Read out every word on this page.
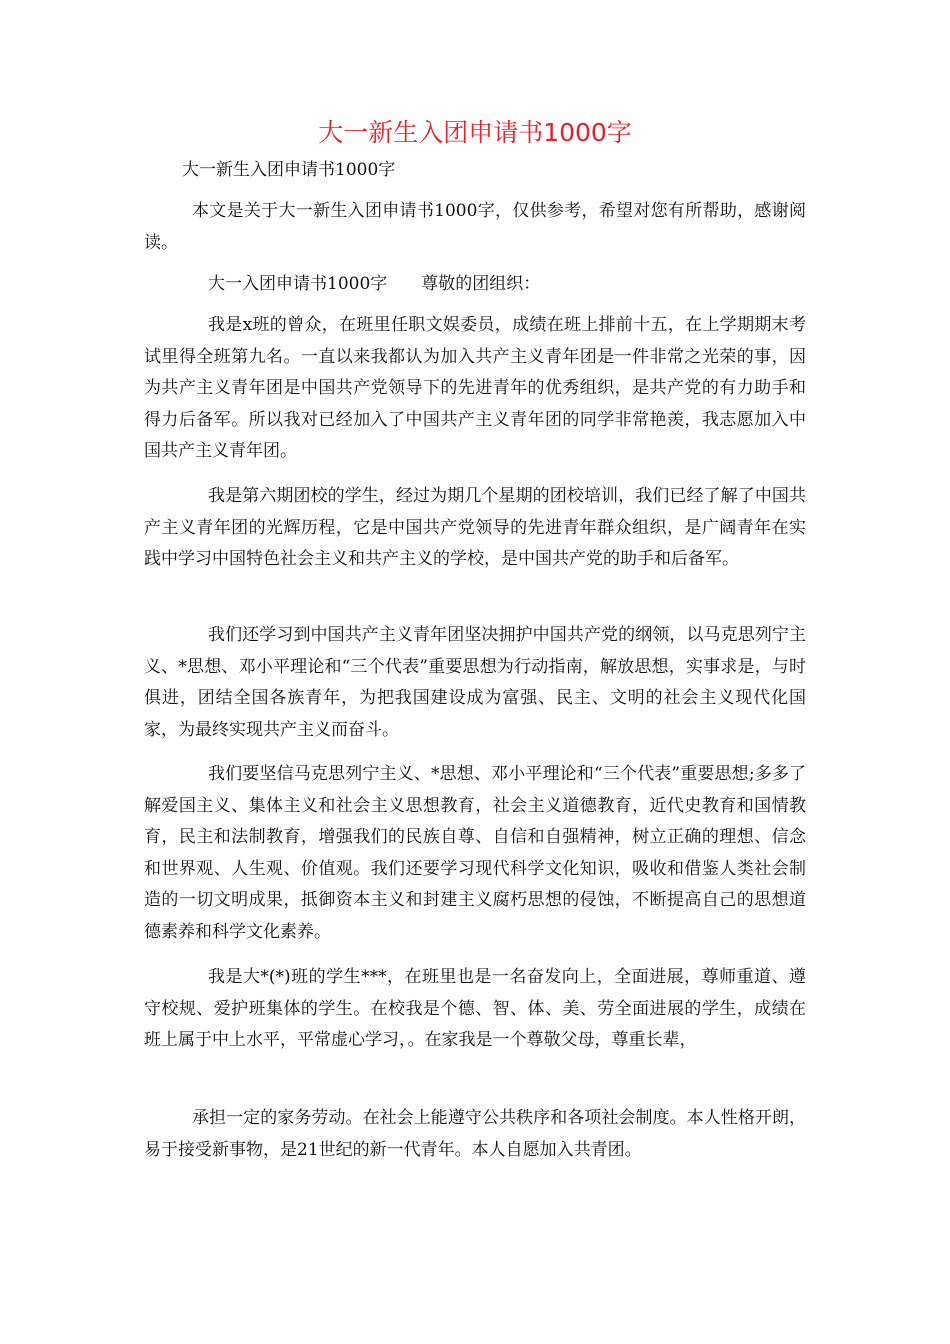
大一新生入团申请书1000字

大一新生入团申请书1000字

本文是关于大一新生入团申请书1000字，仅供参考，希望对您有所帮助，感谢阅读。

大一入团申请书1000字　　尊敬的团组织：

我是x班的曾众，在班里任职文娱委员，成绩在班上排前十五，在上学期期末考试里得全班第九名。一直以来我都认为加入共产主义青年团是一件非常之光荣的事，因为共产主义青年团是中国共产党领导下的先进青年的优秀组织，是共产党的有力助手和得力后备军。所以我对已经加入了中国共产主义青年团的同学非常艳羡，我志愿加入中国共产主义青年团。

我是第六期团校的学生，经过为期几个星期的团校培训，我们已经了解了中国共产主义青年团的光辉历程，它是中国共产党领导的先进青年群众组织，是广阔青年在实践中学习中国特色社会主义和共产主义的学校，是中国共产党的助手和后备军。

我们还学习到中国共产主义青年团坚决拥护中国共产党的纲领，以马克思列宁主义、*思想、邓小平理论和“三个代表”重要思想为行动指南，解放思想，实事求是，与时俱进，团结全国各族青年，为把我国建设成为富强、民主、文明的社会主义现代化国家，为最终实现共产主义而奋斗。

我们要坚信马克思列宁主义、*思想、邓小平理论和“三个代表”重要思想;多多了解爱国主义、集体主义和社会主义思想教育，社会主义道德教育，近代史教育和国情教育，民主和法制教育，增强我们的民族自尊、自信和自强精神，树立正确的理想、信念和世界观、人生观、价值观。我们还要学习现代科学文化知识，吸收和借鉴人类社会制造的一切文明成果，抵御资本主义和封建主义腐朽思想的侵蚀，不断提高自己的思想道德素养和科学文化素养。

我是大*(*)班的学生***，在班里也是一名奋发向上，全面进展，尊师重道、遵守校规、爱护班集体的学生。在校我是个德、智、体、美、劳全面进展的学生，成绩在班上属于中上水平，平常虚心学习，。在家我是一个尊敬父母，尊重长辈，

承担一定的家务劳动。在社会上能遵守公共秩序和各项社会制度。本人性格开朗，易于接受新事物，是21世纪的新一代青年。本人自愿加入共青团。
